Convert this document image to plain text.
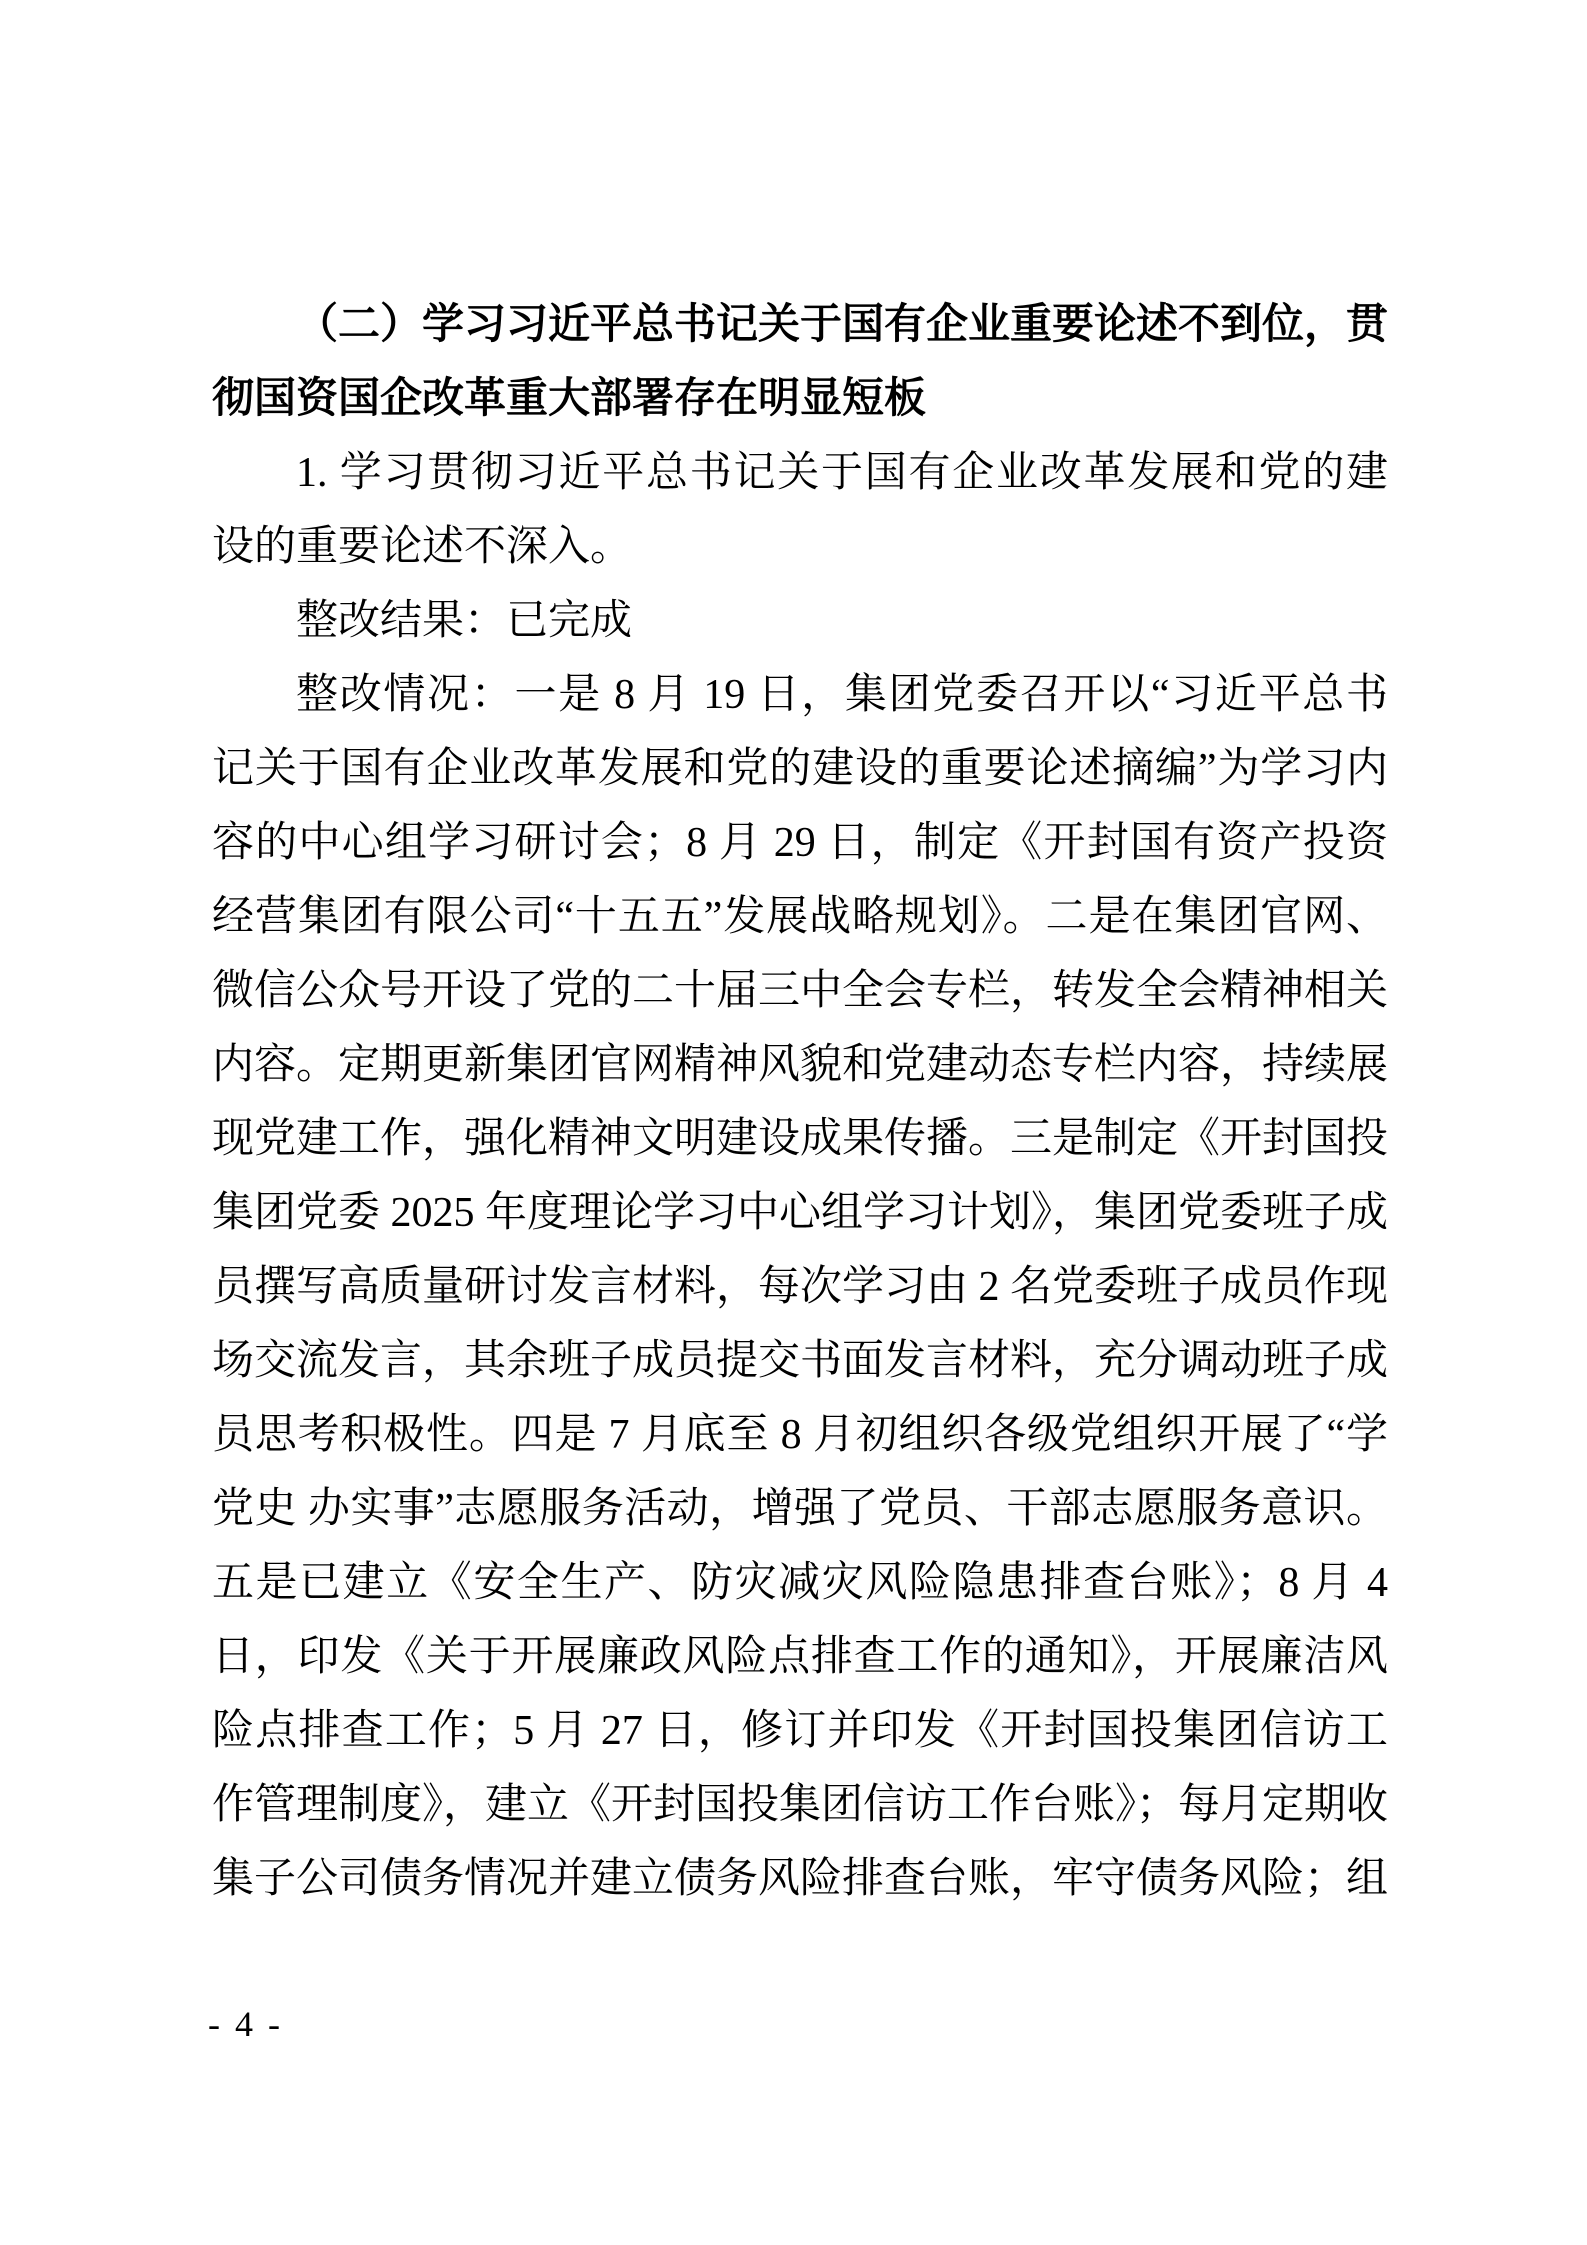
（二）学习习近平总书记关于国有企业重要论述不到位，贯
彻国资国企改革重大部署存在明显短板
1. 学习贯彻习近平总书记关于国有企业改革发展和党的建
设的重要论述不深入。
整改结果：已完成
整改情况：一是 8 月 19 日，集团党委召开以“习近平总书
记关于国有企业改革发展和党的建设的重要论述摘编”为学习内
容的中心组学习研讨会；8 月 29 日，制定《开封国有资产投资
经营集团有限公司“十五五”发展战略规划》。二是在集团官网、
微信公众号开设了党的二十届三中全会专栏，转发全会精神相关
内容。定期更新集团官网精神风貌和党建动态专栏内容，持续展
现党建工作，强化精神文明建设成果传播。三是制定《开封国投
集团党委 2025 年度理论学习中心组学习计划》，集团党委班子成
员撰写高质量研讨发言材料，每次学习由 2 名党委班子成员作现
场交流发言，其余班子成员提交书面发言材料，充分调动班子成
员思考积极性。四是 7 月底至 8 月初组织各级党组织开展了“学
党史 办实事”志愿服务活动，增强了党员、干部志愿服务意识。
五是已建立《安全生产、防灾减灾风险隐患排查台账》；8 月 4
日，印发《关于开展廉政风险点排查工作的通知》，开展廉洁风
险点排查工作；5 月 27 日，修订并印发《开封国投集团信访工
作管理制度》，建立《开封国投集团信访工作台账》；每月定期收
集子公司债务情况并建立债务风险排查台账，牢守债务风险；组
- 4 -
